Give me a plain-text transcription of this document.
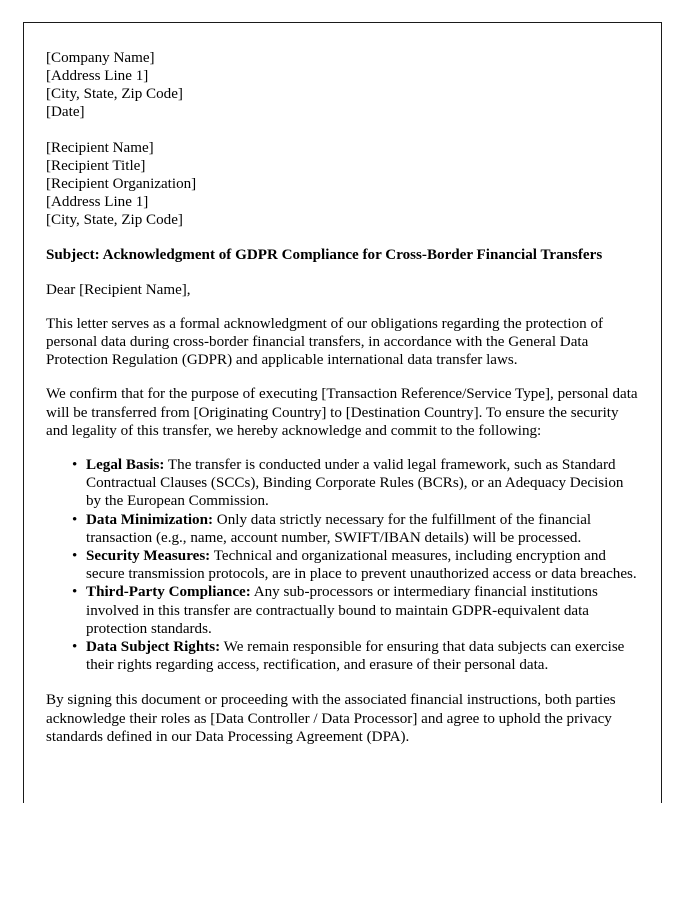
[Company Name]
[Address Line 1]
[City, State, Zip Code]
[Date]
[Recipient Name]
[Recipient Title]
[Recipient Organization]
[Address Line 1]
[City, State, Zip Code]
Subject: Acknowledgment of GDPR Compliance for Cross-Border Financial Transfers
Dear [Recipient Name],

This letter serves as a formal acknowledgment of our obligations regarding the protection of personal data during cross-border financial transfers, in accordance with the General Data Protection Regulation (GDPR) and applicable international data transfer laws.

We confirm that for the purpose of executing [Transaction Reference/Service Type], personal data will be transferred from [Originating Country] to [Destination Country]. To ensure the security and legality of this transfer, we hereby acknowledge and commit to the following:

• Legal Basis: The transfer is conducted under a valid legal framework, such as Standard Contractual Clauses (SCCs), Binding Corporate Rules (BCRs), or an Adequacy Decision by the European Commission.
• Data Minimization: Only data strictly necessary for the fulfillment of the financial transaction (e.g., name, account number, SWIFT/IBAN details) will be processed.
• Security Measures: Technical and organizational measures, including encryption and secure transmission protocols, are in place to prevent unauthorized access or data breaches.
• Third-Party Compliance: Any sub-processors or intermediary financial institutions involved in this transfer are contractually bound to maintain GDPR-equivalent data protection standards.
• Data Subject Rights: We remain responsible for ensuring that data subjects can exercise their rights regarding access, rectification, and erasure of their personal data.

By signing this document or proceeding with the associated financial instructions, both parties acknowledge their roles as [Data Controller / Data Processor] and agree to uphold the privacy standards defined in our Data Processing Agreement (DPA).
